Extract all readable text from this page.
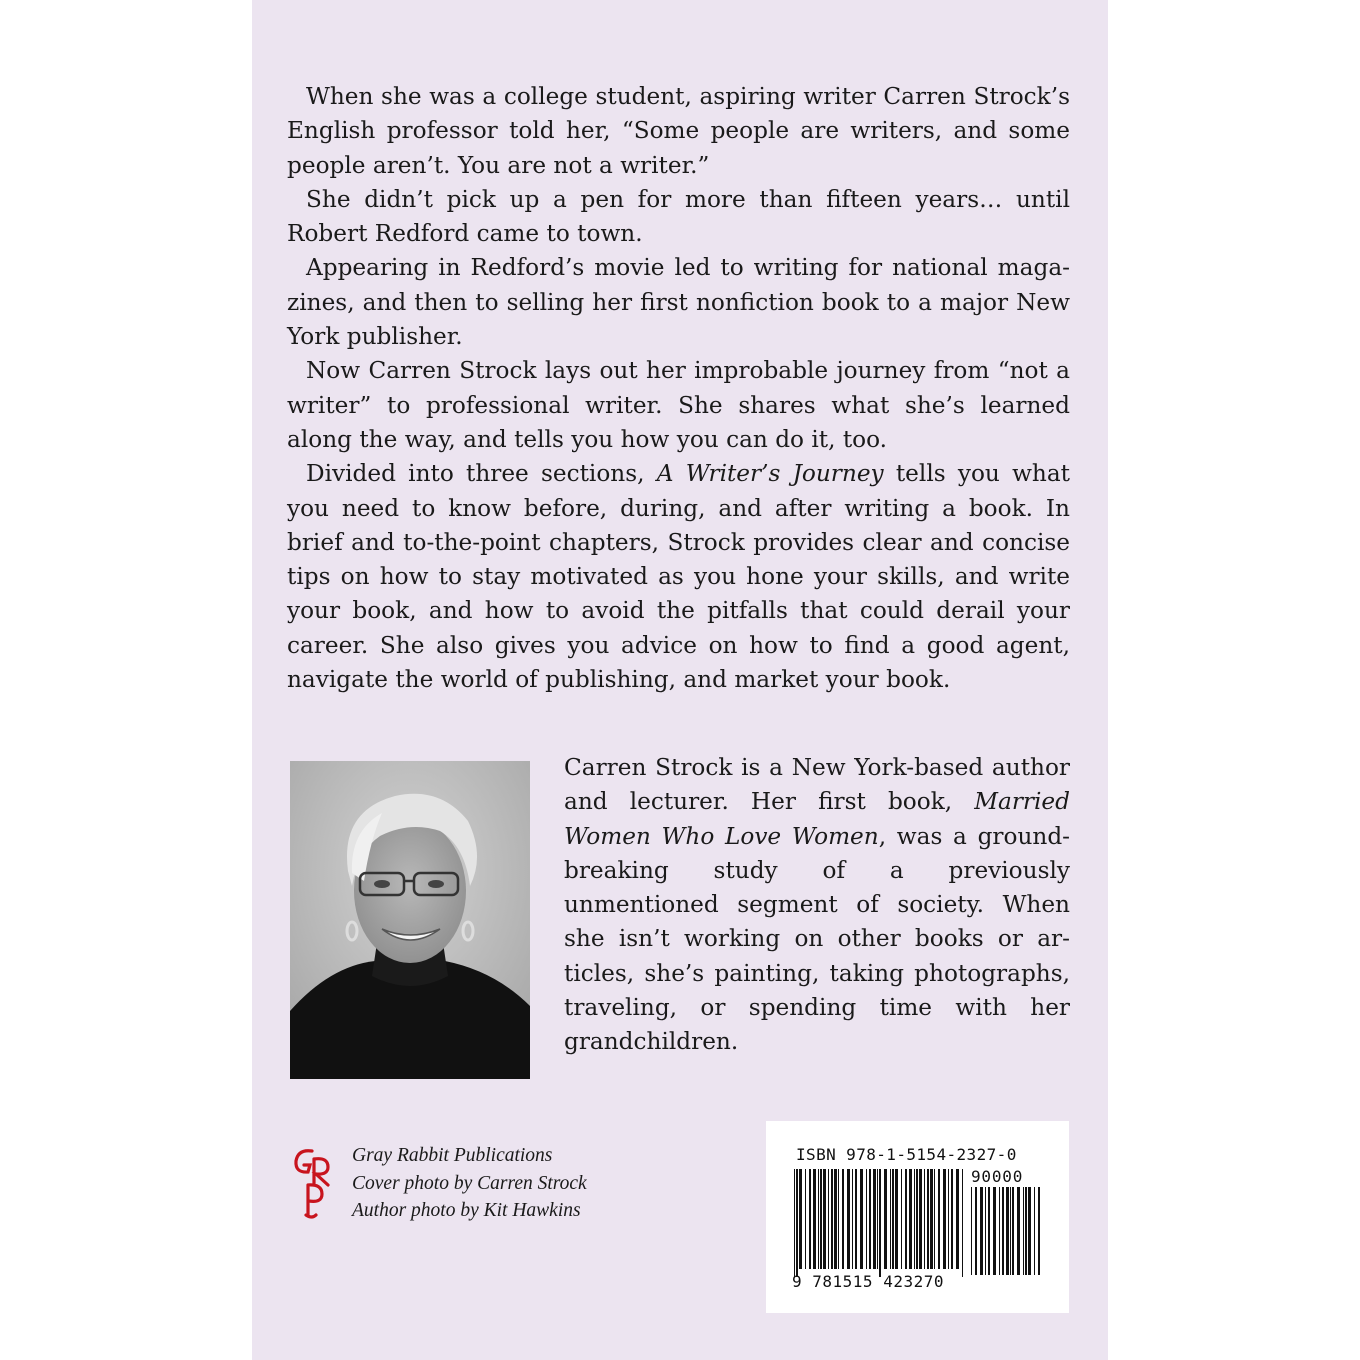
When she was a college student, aspiring writer Carren Strock’s English professor told her, “Some people are writers, and some people aren’t. You are not a writer.”

She didn’t pick up a pen for more than fifteen years… until Robert Redford came to town.

Appearing in Redford’s movie led to writing for national magazines, and then to selling her first nonfiction book to a major New York publisher.

Now Carren Strock lays out her improbable journey from “not a writer” to professional writer. She shares what she’s learned along the way, and tells you how you can do it, too.

Divided into three sections, A Writer’s Journey tells you what you need to know before, during, and after writing a book. In brief and to-the-point chapters, Strock provides clear and concise tips on how to stay motivated as you hone your skills, and write your book, and how to avoid the pitfalls that could derail your career. She also gives you advice on how to find a good agent, navigate the world of publishing, and market your book.

Carren Strock is a New York-based author and lecturer. Her first book, Married Women Who Love Women, was a ground-breaking study of a previously unmentioned segment of society. When she isn’t working on other books or articles, she’s painting, taking photographs, traveling, or spending time with her grandchildren.

Gray Rabbit Publications
Cover photo by Carren Strock
Author photo by Kit Hawkins
ISBN 978-1-5154-2327-0
90000
9 781515 423270
